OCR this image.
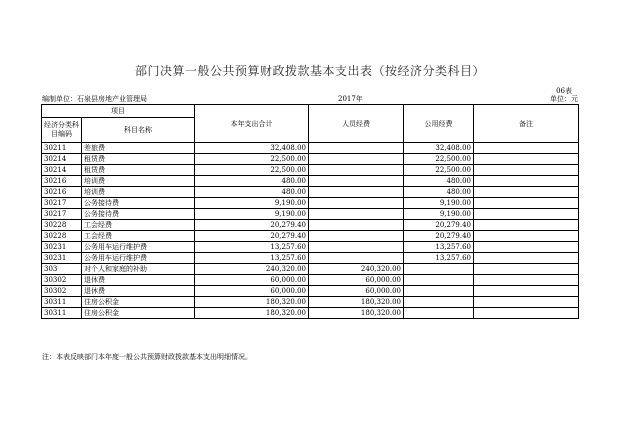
部门决算一般公共预算财政拨款基本支出表（按经济分类科目）
06表
编制单位：石泉县房地产业管理局	2017年	单位：元
项目		本年支出合计	人员经费	公用经费	备注
经济分类科目编码	科目名称				
30211	差旅费	32,408.00		32,408.00	
30214	租赁费	22,500.00		22,500.00	
30214	租赁费	22,500.00		22,500.00	
30216	培训费	480.00		480.00	
30216	培训费	480.00		480.00	
30217	公务接待费	9,190.00		9,190.00	
30217	公务接待费	9,190.00		9,190.00	
30228	工会经费	20,279.40		20,279.40	
30228	工会经费	20,279.40		20,279.40	
30231	公务用车运行维护费	13,257.60		13,257.60	
30231	公务用车运行维护费	13,257.60		13,257.60	
303	对个人和家庭的补助	240,320.00	240,320.00		
30302	退休费	60,000.00	60,000.00		
30302	退休费	60,000.00	60,000.00		
30311	住房公积金	180,320.00	180,320.00		
30311	住房公积金	180,320.00	180,320.00		
注：本表反映部门本年度一般公共预算财政拨款基本支出明细情况。
